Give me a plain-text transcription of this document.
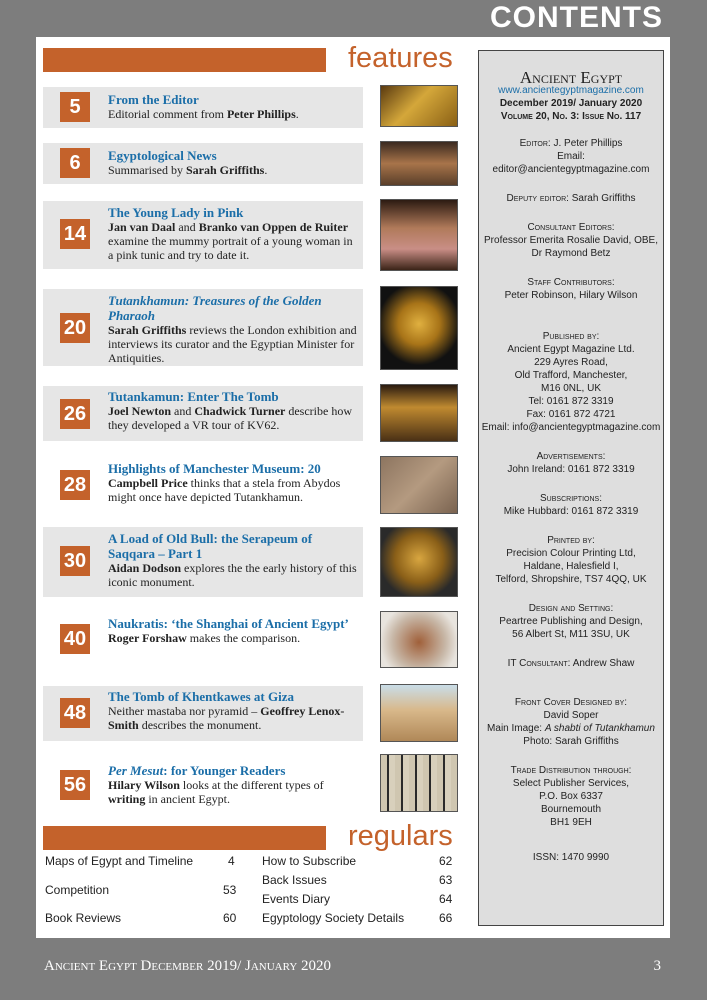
CONTENTS
features
5	From the Editor
Editorial comment from Peter Phillips.
6	Egyptological News
Summarised by Sarah Griffiths.
14
The Young Lady in Pink
Jan van Daal and Branko van Oppen de Ruiter examine the mummy portrait of a young woman in a pink tunic and try to date it.
20
Tutankhamun: Treasures of the Golden Pharaoh
Sarah Griffiths reviews the London exhibition and interviews its curator and the Egyptian Minister for Antiquities.
26
Tutankamun: Enter The Tomb
Joel Newton and Chadwick Turner describe how they developed a VR tour of KV62.
28
Highlights of Manchester Museum: 20
Campbell Price thinks that a stela from Abydos might once have depicted Tutankhamun.
30
A Load of Old Bull: the Serapeum of Saqqara – Part 1
Aidan Dodson explores the the early history of this iconic monument.
40
Naukratis: ‘the Shanghai of Ancient Egypt’
Roger Forshaw makes the comparison.
48
The Tomb of Khentkawes at Giza
Neither mastaba nor pyramid – Geoffrey Lenox-Smith describes the monument.
56
Per Mesut: for Younger Readers
Hilary Wilson looks at the different types of writing in ancient Egypt.
regulars
Maps of Egypt and Timeline	4
Competition	53
Book Reviews	60
How to Subscribe	62
Back Issues	63
Events Diary	64
Egyptology Society Details	66
Ancient Egypt
www.ancientegyptmagazine.com
December 2019/ January 2020
Volume 20, No. 3: Issue No. 117
Editor: J. Peter Phillips
Email: editor@ancientegyptmagazine.com
Deputy editor: Sarah Griffiths
Consultant Editors:
Professor Emerita Rosalie David, OBE,
Dr Raymond Betz
Staff Contributors:
Peter Robinson, Hilary Wilson
Published by:
Ancient Egypt Magazine Ltd.
229 Ayres Road,
Old Trafford, Manchester,
M16 0NL, UK
Tel: 0161 872 3319
Fax: 0161 872 4721
Email: info@ancientegyptmagazine.com
Advertisements:
John Ireland: 0161 872 3319
Subscriptions:
Mike Hubbard: 0161 872 3319
Printed by:
Precision Colour Printing Ltd,
Haldane, Halesfield I,
Telford, Shropshire, TS7 4QQ, UK
Design and Setting:
Peartree Publishing and Design,
56 Albert St, M11 3SU, UK
IT Consultant: Andrew Shaw
Front Cover Designed by:
David Soper
Main Image: A shabti of Tutankhamun
Photo: Sarah Griffiths
Trade Distribution through:
Select Publisher Services,
P.O. Box 6337
Bournemouth
BH1 9EH
ISSN: 1470 9990
Ancient Egypt December 2019/ January 2020	3
